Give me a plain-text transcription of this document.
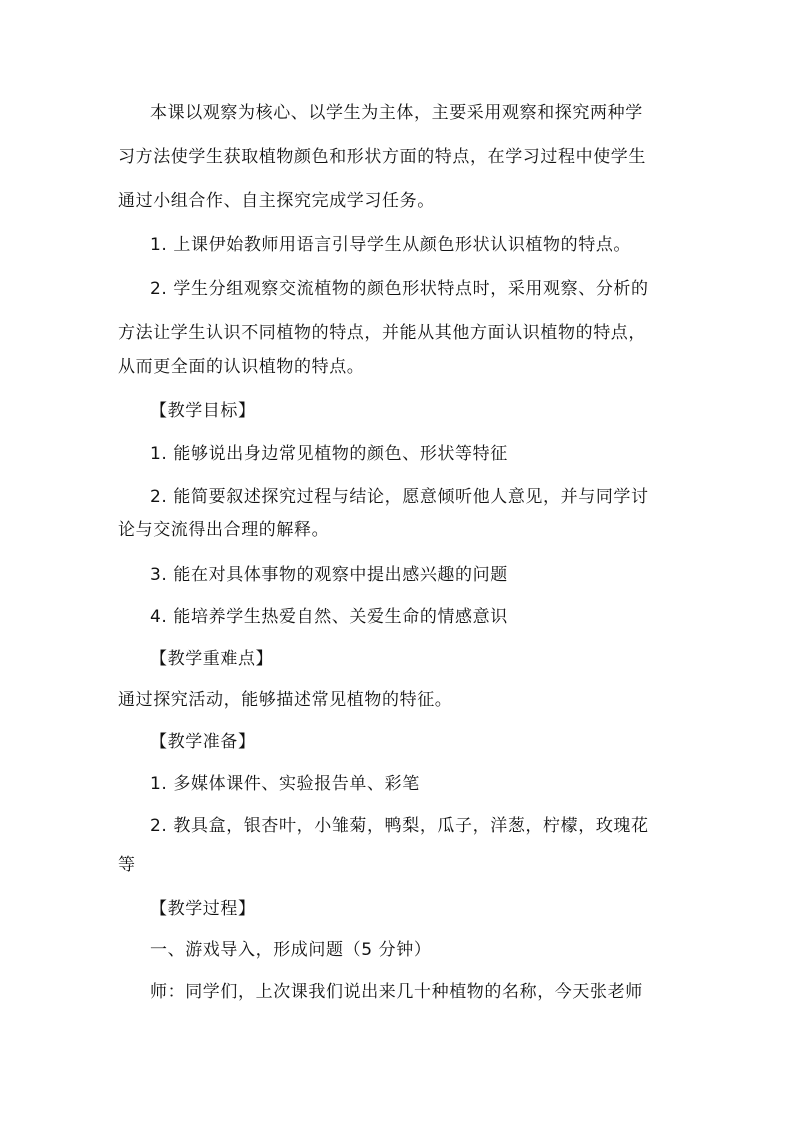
本课以观察为核心、以学生为主体，主要采用观察和探究两种学

习方法使学生获取植物颜色和形状方面的特点，在学习过程中使学生

通过小组合作、自主探究完成学习任务。

1. 上课伊始教师用语言引导学生从颜色形状认识植物的特点。

2. 学生分组观察交流植物的颜色形状特点时，采用观察、分析的

方法让学生认识不同植物的特点，并能从其他方面认识植物的特点，

从而更全面的认识植物的特点。

【教学目标】

1. 能够说出身边常见植物的颜色、形状等特征

2. 能简要叙述探究过程与结论，愿意倾听他人意见，并与同学讨

论与交流得出合理的解释。

3. 能在对具体事物的观察中提出感兴趣的问题

4. 能培养学生热爱自然、关爱生命的情感意识

【教学重难点】

通过探究活动，能够描述常见植物的特征。

【教学准备】

1. 多媒体课件、实验报告单、彩笔

2. 教具盒，银杏叶，小雏菊，鸭梨，瓜子，洋葱，柠檬，玫瑰花

等

【教学过程】

一、游戏导入，形成问题（5 分钟）

师：同学们，上次课我们说出来几十种植物的名称，今天张老师
